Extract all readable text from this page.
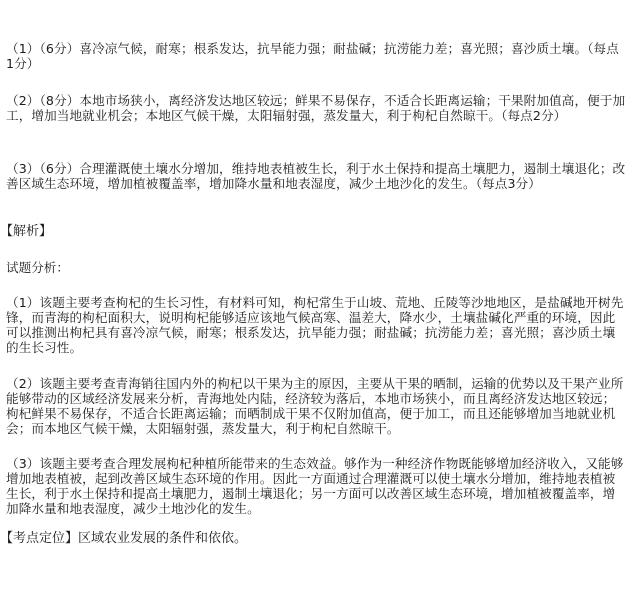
（1）（6分）喜冷凉气候，耐寒；根系发达，抗旱能力强；耐盐碱；抗涝能力差；喜光照；喜沙质土壤。（每点1分）

（2）（8分）本地市场狭小，离经济发达地区较远；鲜果不易保存，不适合长距离运输；干果附加值高，便于加工，增加当地就业机会；本地区气候干燥，太阳辐射强，蒸发量大，利于枸杞自然晾干。（每点2分）

（3）（6分）合理灌溉使土壤水分增加，维持地表植被生长，利于水土保持和提高土壤肥力，遏制土壤退化；改善区域生态环境，增加植被覆盖率，增加降水量和地表湿度，减少土地沙化的发生。（每点3分）

【解析】

试题分析：

（1）该题主要考查枸杞的生长习性，有材料可知，枸杞常生于山坡、荒地、丘陵等沙地地区，是盐碱地开树先锋，而青海的枸杞面积大，说明枸杞能够适应该地气候高寒、温差大，降水少，土壤盐碱化严重的环境，因此可以推测出枸杞具有喜冷凉气候，耐寒；根系发达，抗旱能力强；耐盐碱；抗涝能力差；喜光照；喜沙质土壤的生长习性。

（2）该题主要考查青海销往国内外的枸杞以干果为主的原因，主要从干果的晒制，运输的优势以及干果产业所能够带动的区域经济发展来分析，青海地处内陆，经济较为落后，本地市场狭小，而且离经济发达地区较远；枸杞鲜果不易保存，不适合长距离运输；而晒制成干果不仅附加值高，便于加工，而且还能够增加当地就业机会；而本地区气候干燥，太阳辐射强，蒸发量大，利于枸杞自然晾干。

（3）该题主要考查合理发展枸杞种植所能带来的生态效益。够作为一种经济作物既能够增加经济收入，又能够增加地表植被，起到改善区域生态环境的作用。因此一方面通过合理灌溉可以使土壤水分增加，维持地表植被生长，利于水土保持和提高土壤肥力，遏制土壤退化；另一方面可以改善区域生态环境，增加植被覆盖率，增加降水量和地表湿度，减少土地沙化的发生。

【考点定位】区域农业发展的条件和依依。
